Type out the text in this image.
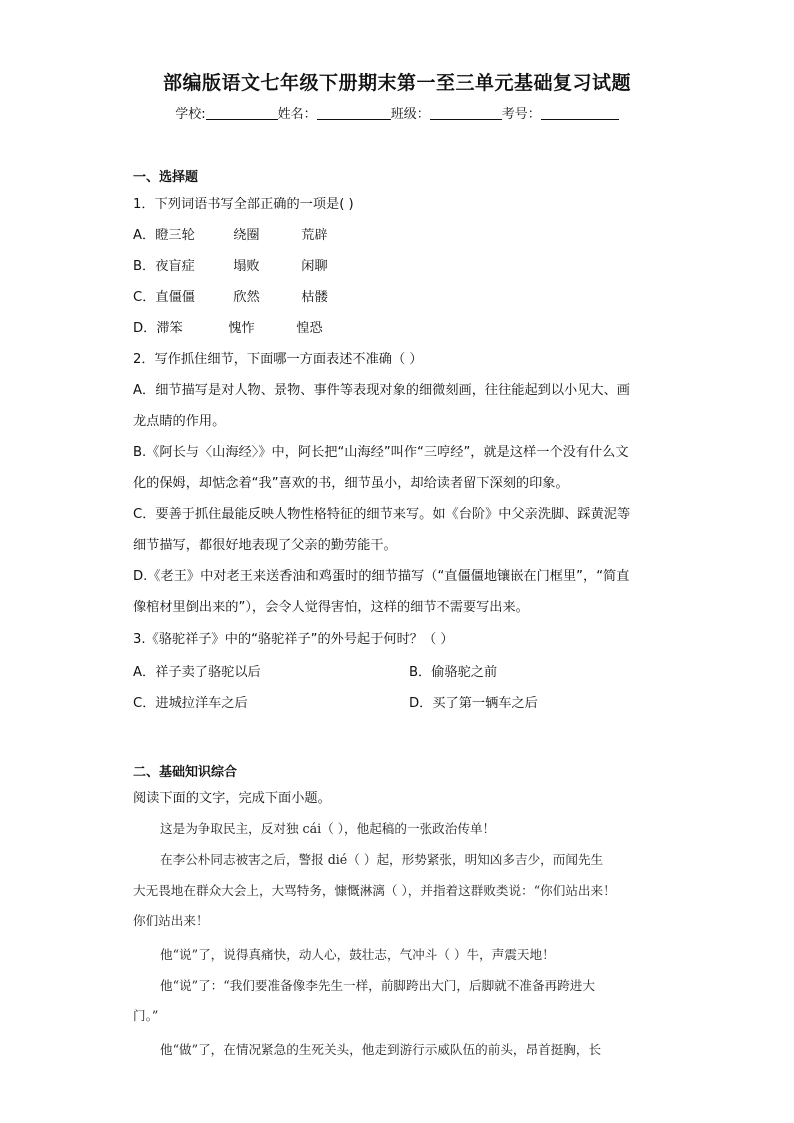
部编版语文七年级下册期末第一至三单元基础复习试题
学校:	姓名：	班级：	考号：
一、选择题
1．下列词语书写全部正确的一项是( )
A．瞪三轮	绕圈	荒辟
B．夜盲症	塌败	闲聊
C．直僵僵	欣然	枯髅
D．滞笨	愧怍	惶恐
2．写作抓住细节，下面哪一方面表述不准确（ ）
A．细节描写是对人物、景物、事件等表现对象的细微刻画，往往能起到以小见大、画
龙点睛的作用。
B.《阿长与〈山海经〉》中，阿长把“山海经”叫作“三哼经”，就是这样一个没有什么文
化的保姆，却惦念着“我”喜欢的书，细节虽小，却给读者留下深刻的印象。
C．要善于抓住最能反映人物性格特征的细节来写。如《台阶》中父亲洗脚、踩黄泥等
细节描写，都很好地表现了父亲的勤劳能干。
D.《老王》中对老王来送香油和鸡蛋时的细节描写（“直僵僵地镶嵌在门框里”，“简直
像棺材里倒出来的”），会令人觉得害怕，这样的细节不需要写出来。
3.《骆驼祥子》中的“骆驼祥子”的外号起于何时？（ ）
A．祥子卖了骆驼以后	B．偷骆驼之前
C．进城拉洋车之后	D．买了第一辆车之后
二、基础知识综合
阅读下面的文字，完成下面小题。
这是为争取民主，反对独 cái（ ），他起稿的一张政治传单！
在李公朴同志被害之后，警报 dié（ ）起，形势紧张，明知凶多吉少，而闻先生
大无畏地在群众大会上，大骂特务，慷慨淋漓（ ），并指着这群败类说：“你们站出来！
你们站出来！
他“说”了，说得真痛快，动人心，鼓壮志，气冲斗（ ）牛，声震天地！
他“说”了：“我们要准备像李先生一样，前脚跨出大门，后脚就不准备再跨进大
门。”
他“做”了，在情况紧急的生死关头，他走到游行示威队伍的前头，昂首挺胸，长
